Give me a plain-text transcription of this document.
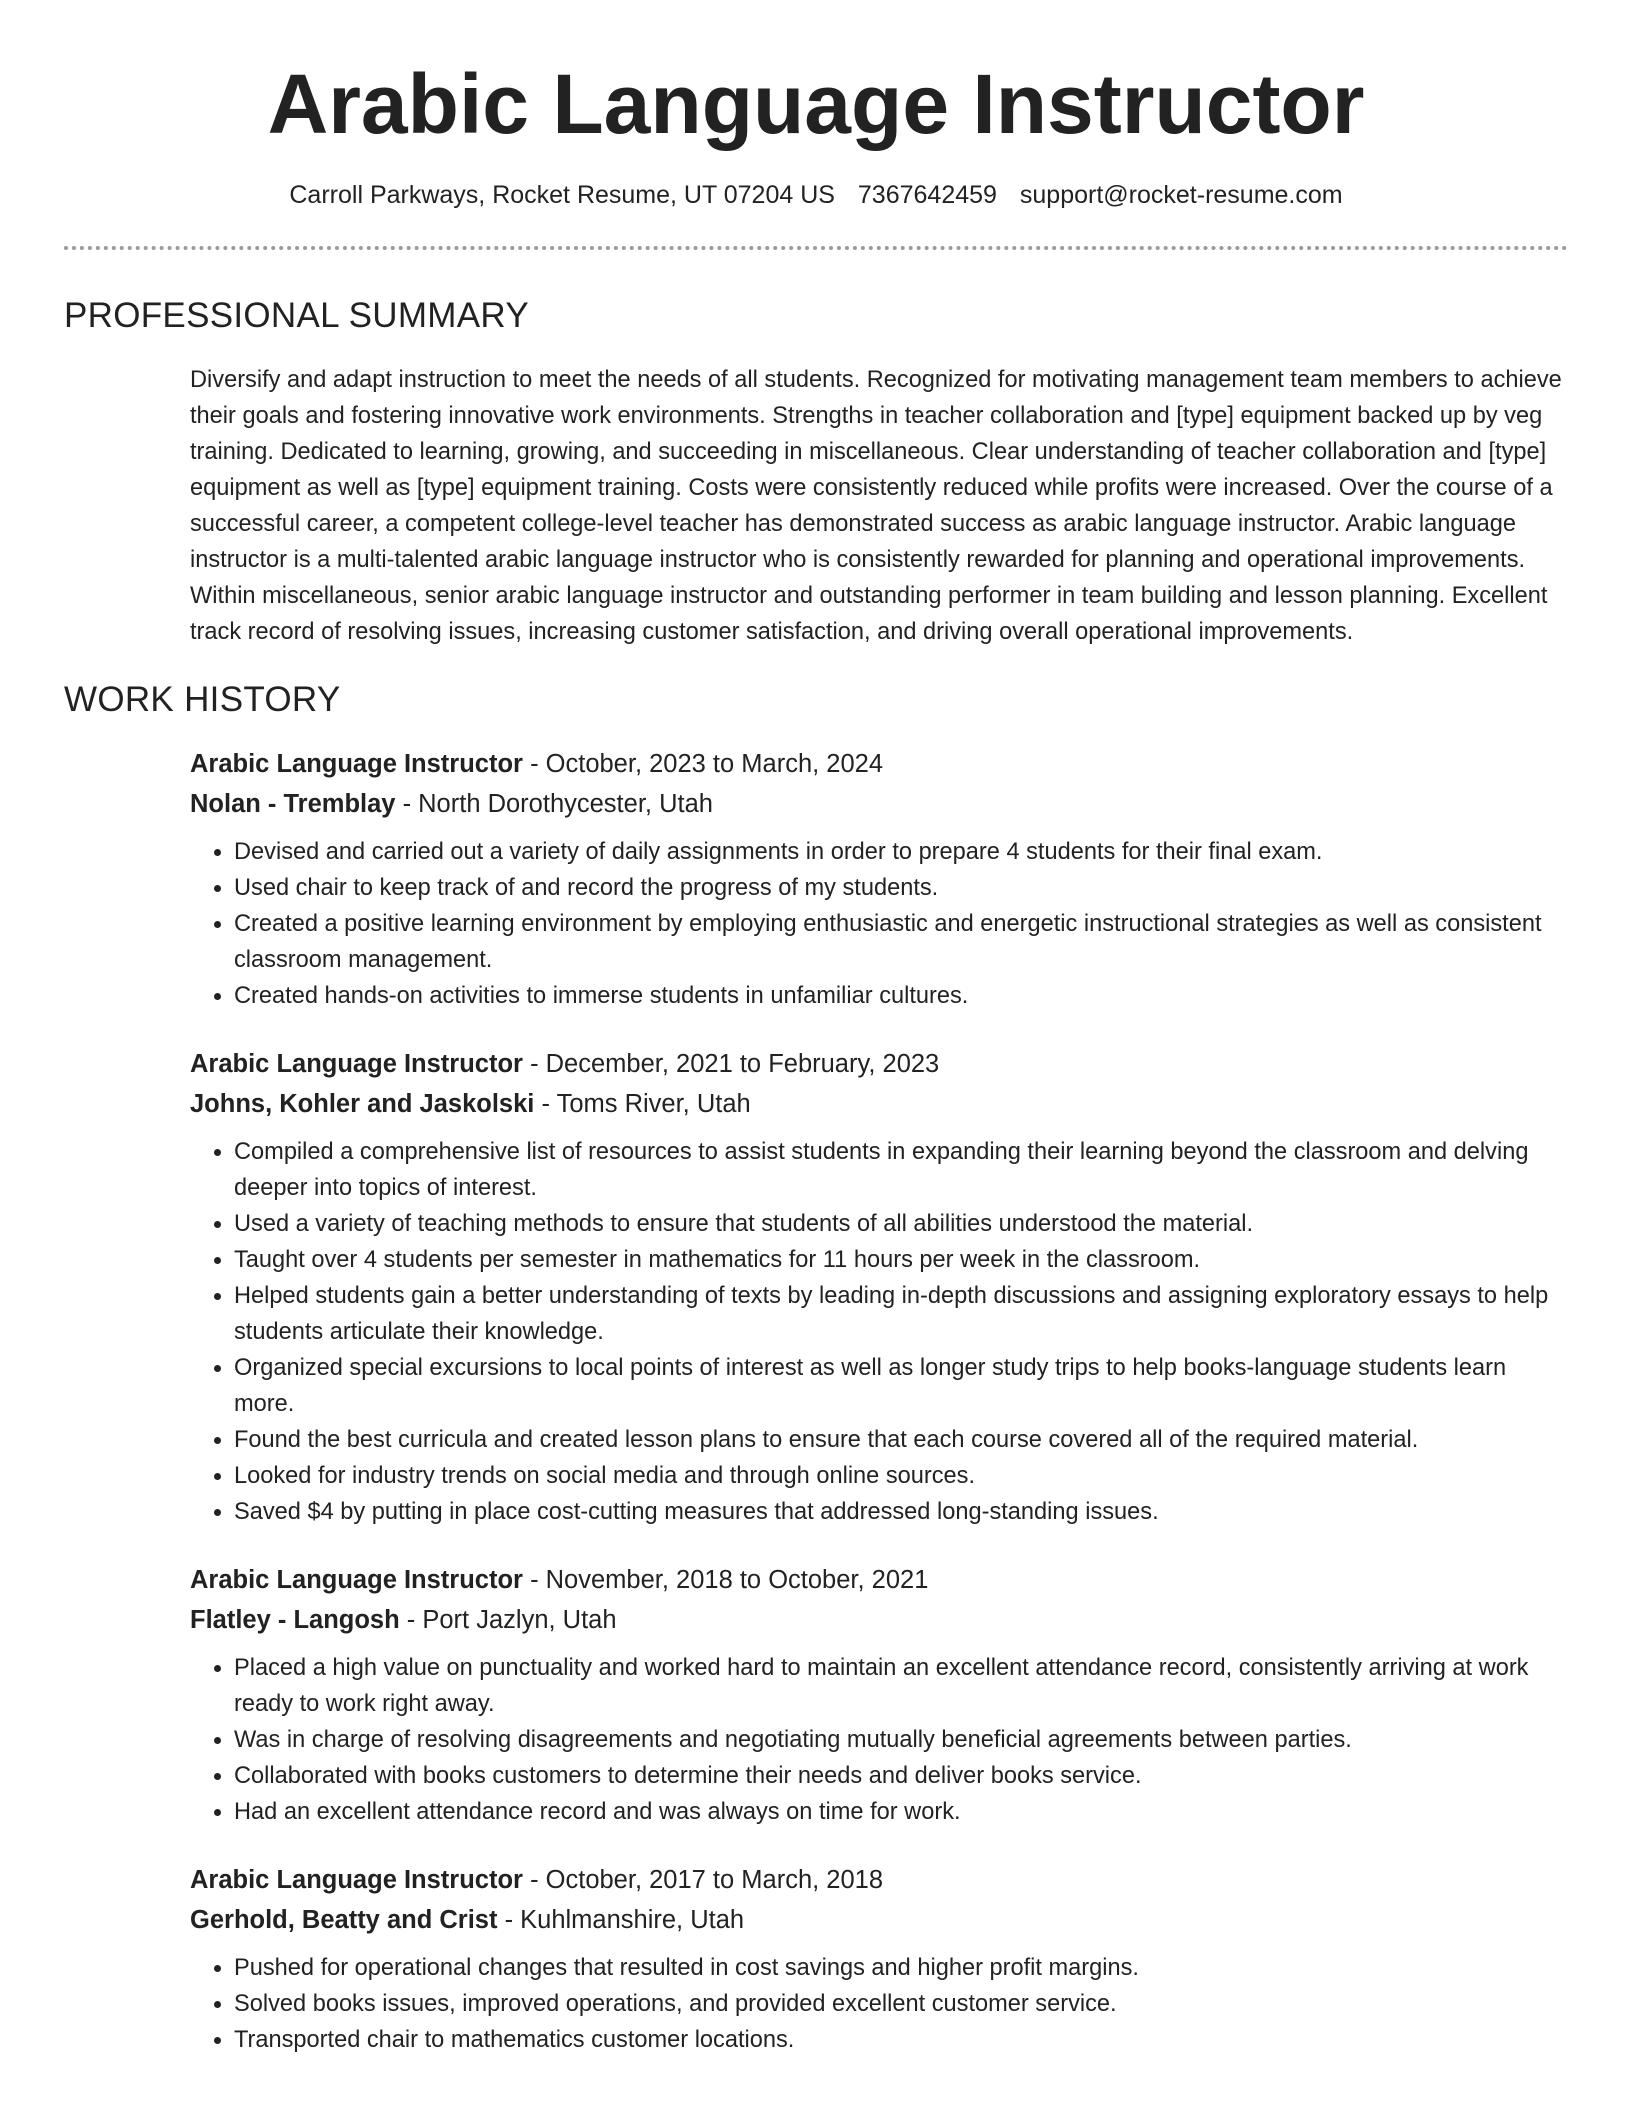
Arabic Language Instructor
Carroll Parkways, Rocket Resume, UT 07204 US 7367642459 support@rocket-resume.com
PROFESSIONAL SUMMARY

Diversify and adapt instruction to meet the needs of all students. Recognized for motivating management team members to achieve their goals and fostering innovative work environments. Strengths in teacher collaboration and [type] equipment backed up by veg training. Dedicated to learning, growing, and succeeding in miscellaneous. Clear understanding of teacher collaboration and [type] equipment as well as [type] equipment training. Costs were consistently reduced while profits were increased. Over the course of a successful career, a competent college-level teacher has demonstrated success as arabic language instructor. Arabic language instructor is a multi-talented arabic language instructor who is consistently rewarded for planning and operational improvements. Within miscellaneous, senior arabic language instructor and outstanding performer in team building and lesson planning. Excellent track record of resolving issues, increasing customer satisfaction, and driving overall operational improvements.

WORK HISTORY
Arabic Language Instructor - October, 2023 to March, 2024
Nolan - Tremblay - North Dorothycester, Utah
• Devised and carried out a variety of daily assignments in order to prepare 4 students for their final exam.
• Used chair to keep track of and record the progress of my students.
• Created a positive learning environment by employing enthusiastic and energetic instructional strategies as well as consistent classroom management.
• Created hands-on activities to immerse students in unfamiliar cultures.
Arabic Language Instructor - December, 2021 to February, 2023
Johns, Kohler and Jaskolski - Toms River, Utah
• Compiled a comprehensive list of resources to assist students in expanding their learning beyond the classroom and delving deeper into topics of interest.
• Used a variety of teaching methods to ensure that students of all abilities understood the material.
• Taught over 4 students per semester in mathematics for 11 hours per week in the classroom.
• Helped students gain a better understanding of texts by leading in-depth discussions and assigning exploratory essays to help students articulate their knowledge.
• Organized special excursions to local points of interest as well as longer study trips to help books-language students learn more.
• Found the best curricula and created lesson plans to ensure that each course covered all of the required material.
• Looked for industry trends on social media and through online sources.
• Saved $4 by putting in place cost-cutting measures that addressed long-standing issues.
Arabic Language Instructor - November, 2018 to October, 2021
Flatley - Langosh - Port Jazlyn, Utah
• Placed a high value on punctuality and worked hard to maintain an excellent attendance record, consistently arriving at work ready to work right away.
• Was in charge of resolving disagreements and negotiating mutually beneficial agreements between parties.
• Collaborated with books customers to determine their needs and deliver books service.
• Had an excellent attendance record and was always on time for work.
Arabic Language Instructor - October, 2017 to March, 2018
Gerhold, Beatty and Crist - Kuhlmanshire, Utah
• Pushed for operational changes that resulted in cost savings and higher profit margins.
• Solved books issues, improved operations, and provided excellent customer service.
• Transported chair to mathematics customer locations.
